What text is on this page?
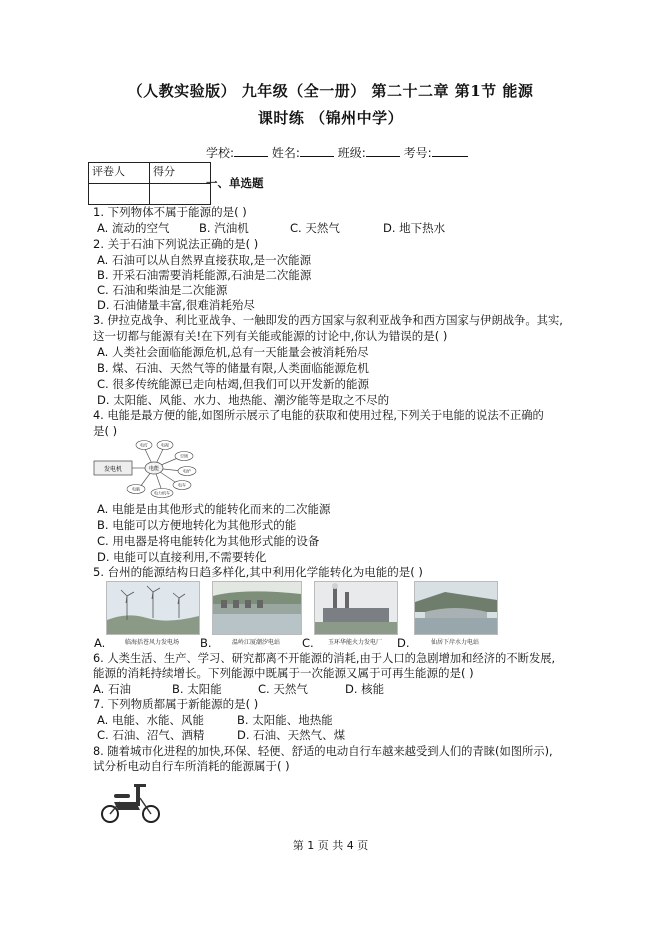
（人教实验版） 九年级（全一册） 第二十二章 第1节 能源
课时练 （锦州中学）
学校:	姓名:	班级:	考号:
评卷人	得分

一、单选题
1. 下列物体不属于能源的是( )
A. 流动的空气	B. 汽油机	C. 天然气	D. 地下热水
2. 关于石油下列说法正确的是( )
A. 石油可以从自然界直接获取,是一次能源
B. 开采石油需要消耗能源,石油是二次能源
C. 石油和柴油是二次能源
D. 石油储量丰富,很难消耗殆尽
3. 伊拉克战争、利比亚战争、一触即发的西方国家与叙利亚战争和西方国家与伊朗战争。其实,
这一切都与能源有关!在下列有关能或能源的讨论中,你认为错误的是( )
A. 人类社会面临能源危机,总有一天能量会被消耗殆尽
B. 煤、石油、天然气等的储量有限,人类面临能源危机
C. 很多传统能源已走向枯竭,但我们可以开发新的能源
D. 太阳能、风能、水力、地热能、潮汐能等是取之不尽的
4. 电能是最方便的能,如图所示展示了电能的获取和使用过程,下列关于电能的说法不正确的
是( )
发电机	电能
电灯	电视
空调
电炉
电车
电力机车
电脑
A. 电能是由其他形式的能转化而来的二次能源
B. 电能可以方便地转化为其他形式的能
C. 用电器是将电能转化为其他形式能的设备
D. 电能可以直接利用,不需要转化
5. 台州的能源结构日趋多样化,其中利用化学能转化为电能的是( )
A.	临海括苍风力发电场	B.	温岭江厦潮汐电站	C.	玉环华能火力发电厂	D.	仙居下岸水力电站
6. 人类生活、生产、学习、研究都离不开能源的消耗,由于人口的急剧增加和经济的不断发展,
能源的消耗持续增长。下列能源中既属于一次能源又属于可再生能源的是( )
A. 石油	B. 太阳能	C. 天然气	D. 核能
7. 下列物质都属于新能源的是( )
A. 电能、水能、风能	B. 太阳能、地热能
C. 石油、沼气、酒精	D. 石油、天然气、煤
8. 随着城市化进程的加快,环保、轻便、舒适的电动自行车越来越受到人们的青睐(如图所示),
试分析电动自行车所消耗的能源属于( )
第 1 页 共 4 页
